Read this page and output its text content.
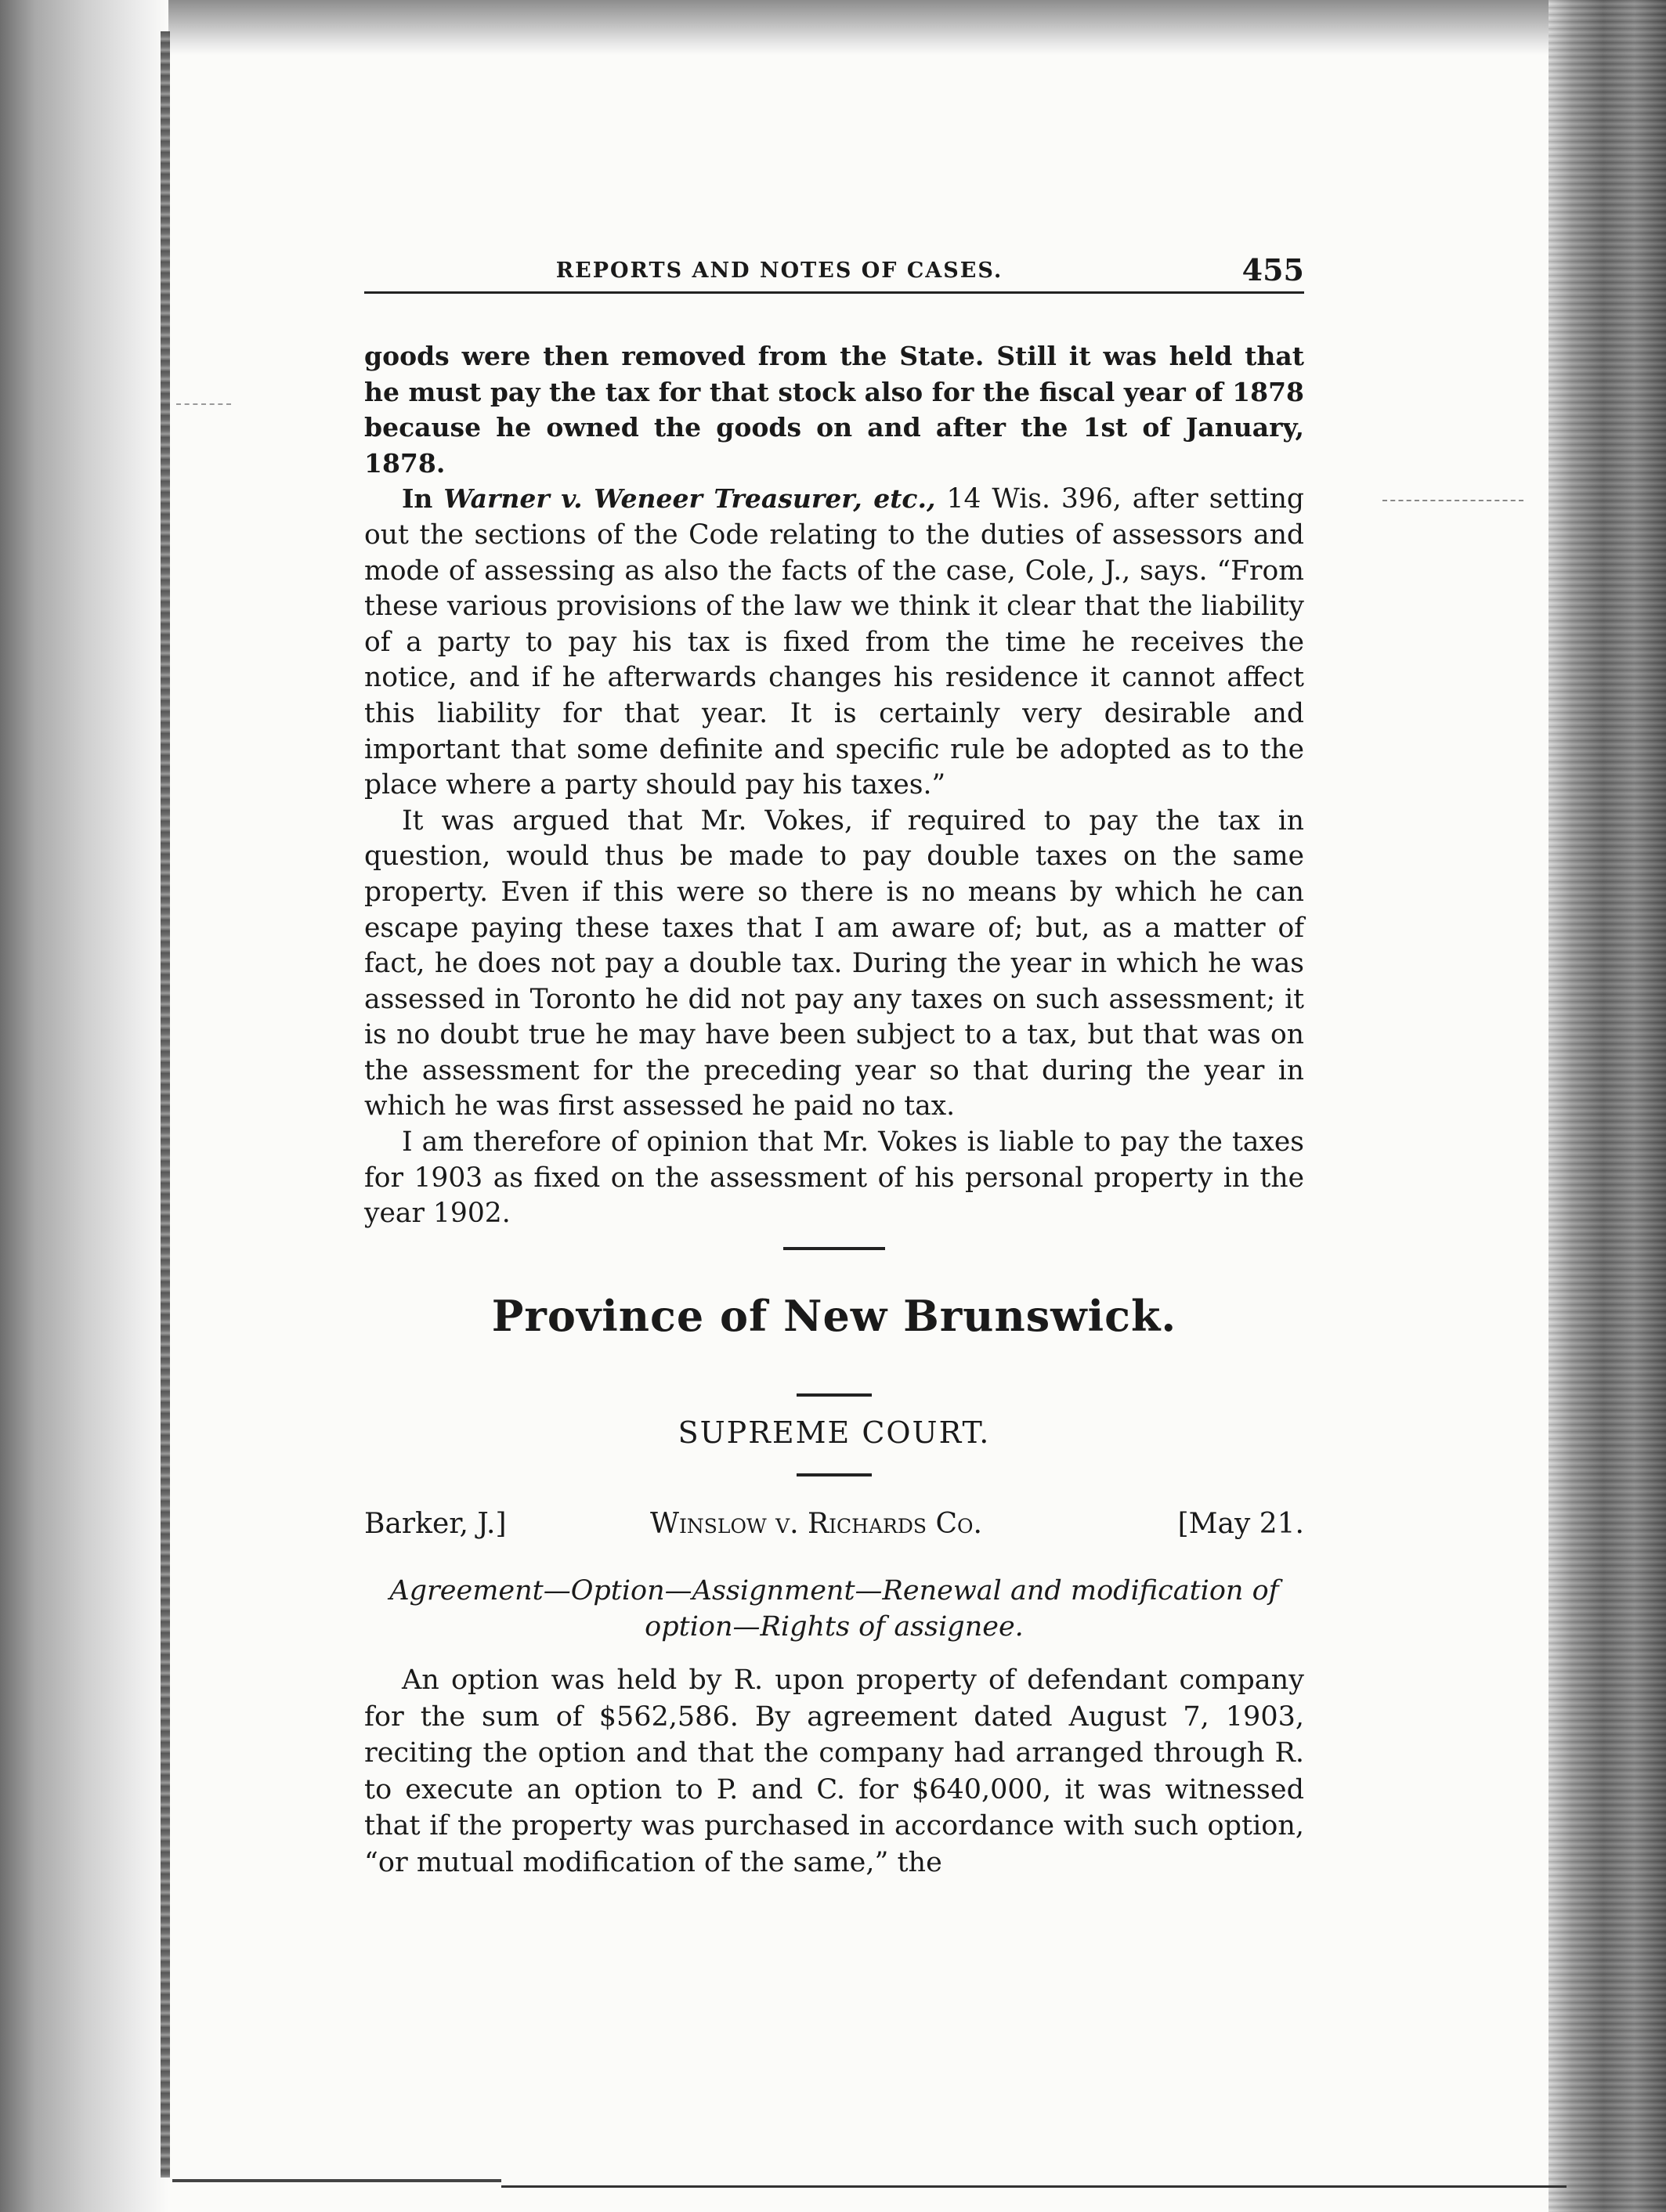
REPORTS AND NOTES OF CASES.	455

goods were then removed from the State. Still it was held that he must pay the tax for that stock also for the fiscal year of 1878 because he owned the goods on and after the 1st of January, 1878.

In Warner v. Weneer Treasurer, etc., 14 Wis. 396, after setting out the sections of the Code relating to the duties of assessors and mode of assessing as also the facts of the case, Cole, J., says. “From these various provisions of the law we think it clear that the liability of a party to pay his tax is fixed from the time he receives the notice, and if he afterwards changes his residence it cannot affect this liability for that year. It is certainly very desirable and important that some definite and specific rule be adopted as to the place where a party should pay his taxes.”

It was argued that Mr. Vokes, if required to pay the tax in question, would thus be made to pay double taxes on the same property. Even if this were so there is no means by which he can escape paying these taxes that I am aware of; but, as a matter of fact, he does not pay a double tax. During the year in which he was assessed in Toronto he did not pay any taxes on such assessment; it is no doubt true he may have been subject to a tax, but that was on the assessment for the preceding year so that during the year in which he was first assessed he paid no tax.

I am therefore of opinion that Mr. Vokes is liable to pay the taxes for 1903 as fixed on the assessment of his personal property in the year 1902.

Province of New Brunswick.
SUPREME COURT.
Barker, J.]	Winslow v. Richards Co.	[May 21.
Agreement—Option—Assignment—Renewal and modification of
option—Rights of assignee.

An option was held by R. upon property of defendant company for the sum of $562,586. By agreement dated August 7, 1903, reciting the option and that the company had arranged through R. to execute an option to P. and C. for $640,000, it was witnessed that if the property was purchased in accordance with such option, “or mutual modification of the same,” the
